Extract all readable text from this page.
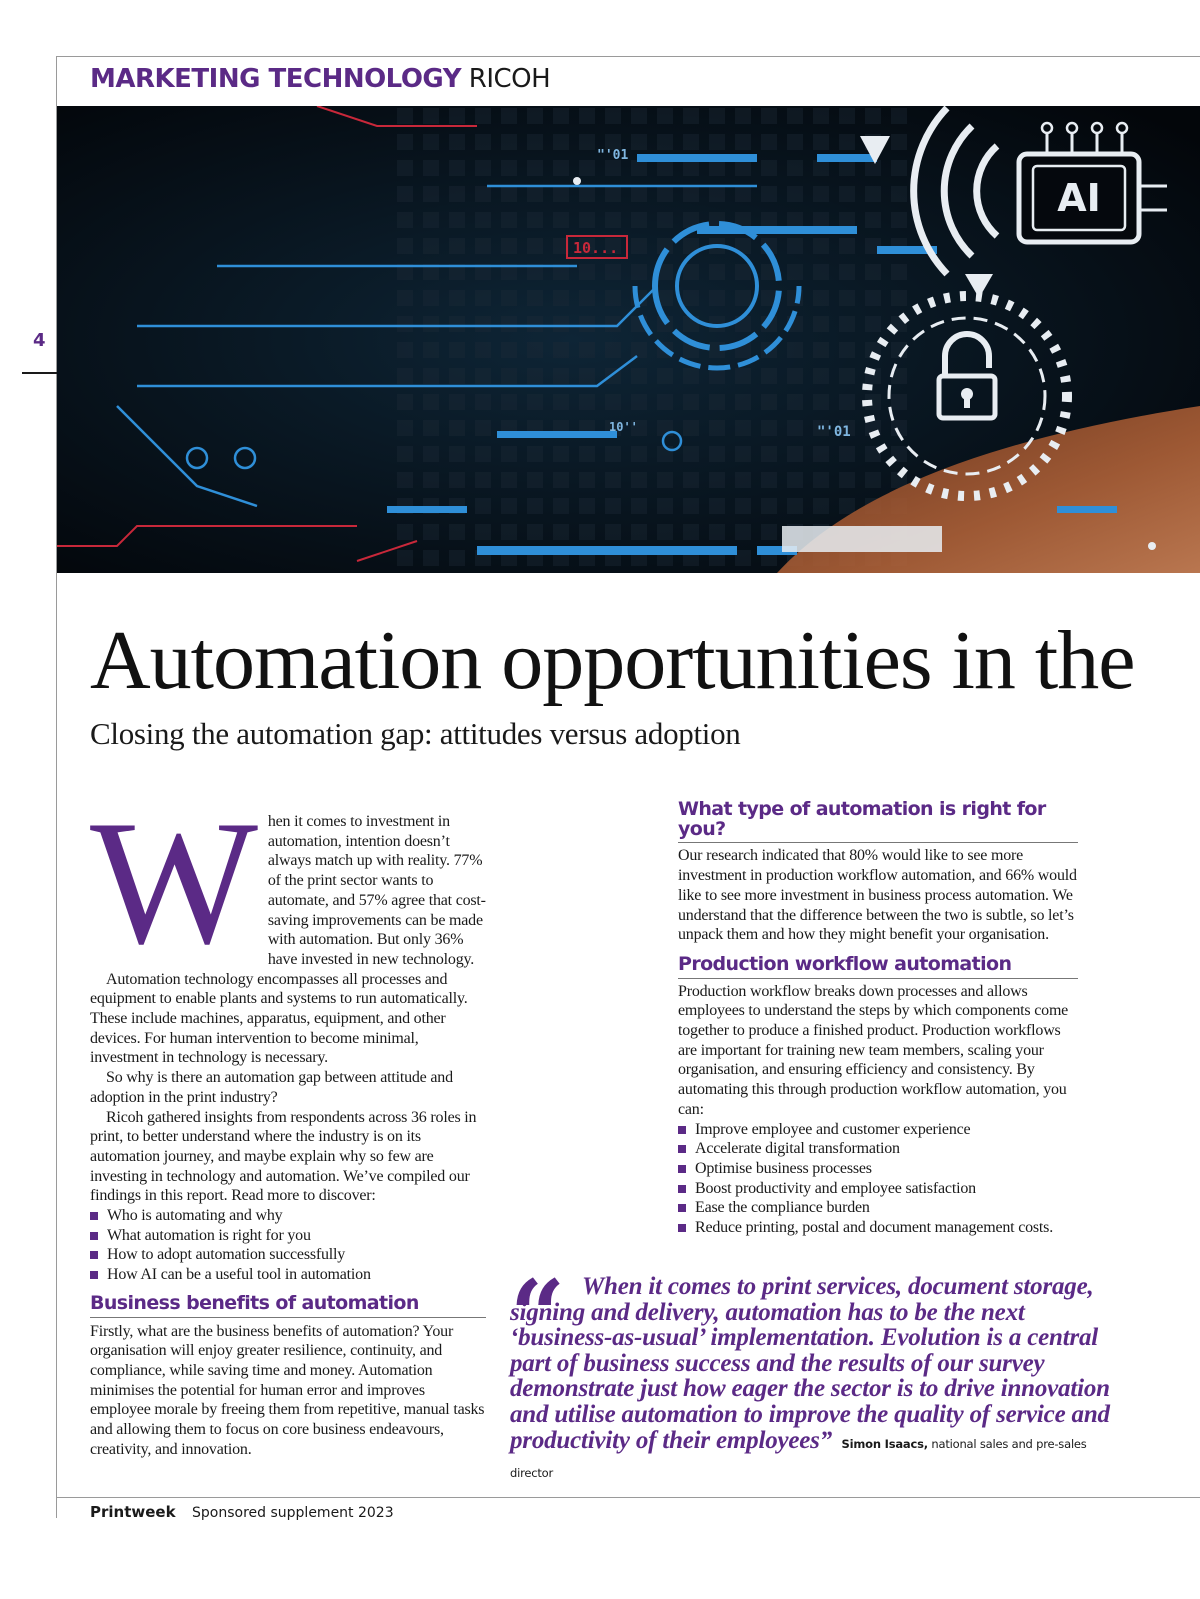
4
MARKETING TECHNOLOGY RICOH
AI
"'01
10...
10''	"'01
Automation opportunities in the
Closing the automation gap: attitudes versus adoption

When it comes to investment in automation, intention doesn’t always match up with reality. 77% of the print sector wants to automate, and 57% agree that cost-saving improvements can be made with automation. But only 36% have invested in new technology.

Automation technology encompasses all processes and equipment to enable plants and systems to run automatically. These include machines, apparatus, equipment, and other devices. For human intervention to become minimal, investment in technology is necessary.

So why is there an automation gap between attitude and adoption in the print industry?

Ricoh gathered insights from respondents across 36 roles in print, to better understand where the industry is on its automation journey, and maybe explain why so few are investing in technology and automation. We’ve compiled our findings in this report. Read more to discover:

Who is automating and why
What automation is right for you
How to adopt automation successfully
How AI can be a useful tool in automation
Business benefits of automation

Firstly, what are the business benefits of automation? Your organisation will enjoy greater resilience, continuity, and compliance, while saving time and money. Automation minimises the potential for human error and improves employee morale by freeing them from repetitive, manual tasks and allowing them to focus on core business endeavours, creativity, and innovation.

What type of automation is right for you?

Our research indicated that 80% would like to see more investment in production workflow automation, and 66% would like to see more investment in business process automation. We understand that the difference between the two is subtle, so let’s unpack them and how they might benefit your organisation.

Production workflow automation

Production workflow breaks down processes and allows employees to understand the steps by which components come together to produce a finished product. Production workflows are important for training new team members, scaling your organisation, and ensuring efficiency and consistency. By automating this through production workflow automation, you can:

Improve employee and customer experience
Accelerate digital transformation
Optimise business processes
Boost productivity and employee satisfaction
Ease the compliance burden
Reduce printing, postal and document management costs.
“ When it comes to print services, document storage, signing and delivery, automation has to be the next ‘business-as-usual’ implementation. Evolution is a central part of business success and the results of our survey demonstrate just how eager the sector is to drive innovation and utilise automation to improve the quality of service and productivity of their employees” Simon Isaacs, national sales and pre-sales director

Printweek Sponsored supplement 2023
